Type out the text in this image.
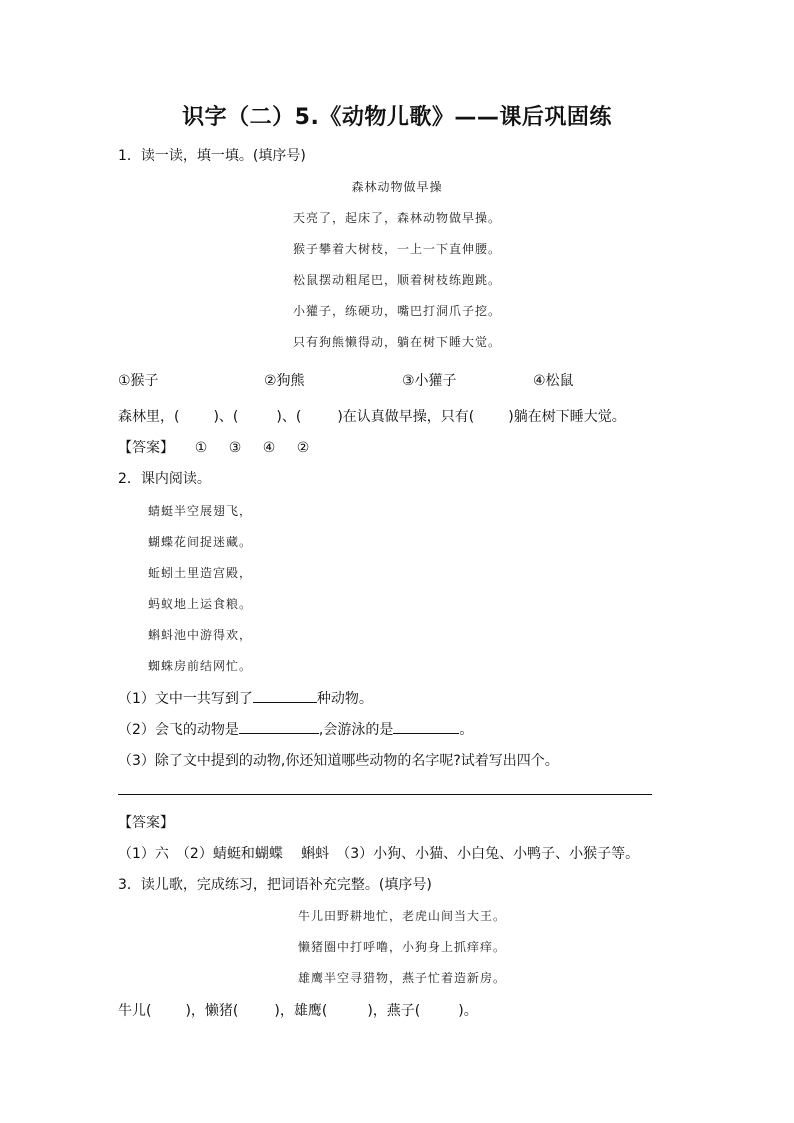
识字（二）5.《动物儿歌》——课后巩固练
1．读一读，填一填。(填序号)
森林动物做早操
天亮了，起床了，森林动物做早操。
猴子攀着大树枝，一上一下直伸腰。
松鼠摆动粗尾巴，顺着树枝练跑跳。
小獾子，练硬功，嘴巴打洞爪子挖。
只有狗熊懒得动，躺在树下睡大觉。
①猴子	②狗熊	③小獾子	④松鼠
森林里，( )、(	)、(	)在认真做早操，只有( )躺在树下睡大觉。
【答案】 ① ③ ④ ②
2．课内阅读。
蜻蜓半空展翅飞，
蝴蝶花间捉迷藏。
蚯蚓土里造宫殿，
蚂蚁地上运食粮。
蝌蚪池中游得欢，
蜘蛛房前结网忙。
（1）文中一共写到了	种动物。
（2）会飞的动物是	,会游泳的是	。
（3）除了文中提到的动物,你还知道哪些动物的名字呢?试着写出四个。
【答案】
（1）六　（2）蜻蜓和蝴蝶　 蝌蚪　（3）小狗、小猫、小白兔、小鸭子、小猴子等。
3．读儿歌，完成练习，把词语补充完整。(填序号)
牛儿田野耕地忙，老虎山间当大王。
懒猪圈中打呼噜，小狗身上抓痒痒。
雄鹰半空寻猎物，燕子忙着造新房。
牛儿( )，懒猪(	)，雄鹰(	)，燕子(	)。
